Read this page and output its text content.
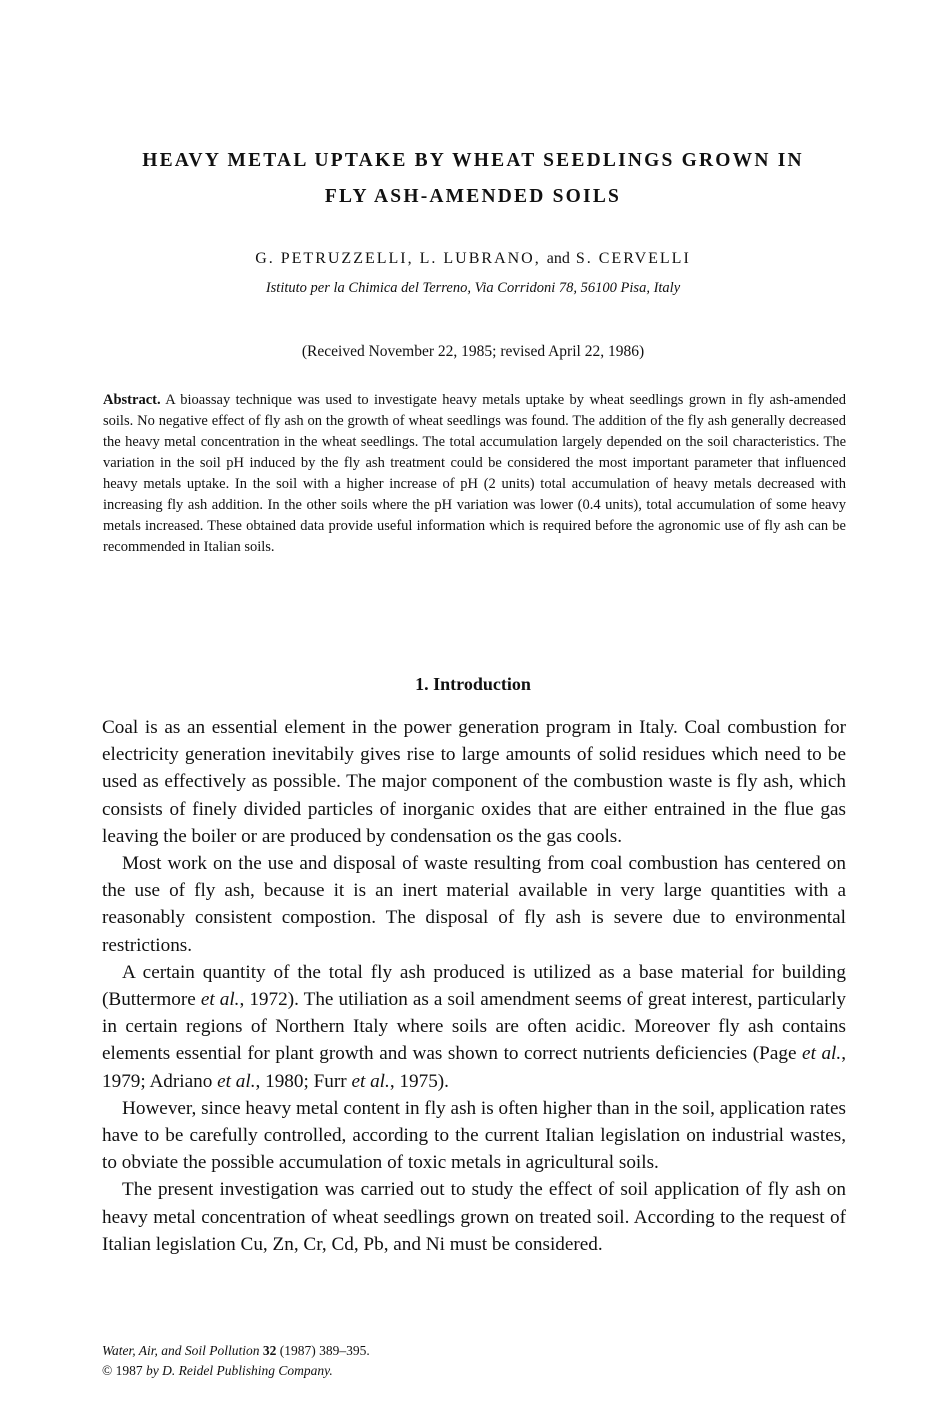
HEAVY METAL UPTAKE BY WHEAT SEEDLINGS GROWN IN
FLY ASH-AMENDED SOILS
G. PETRUZZELLI, L. LUBRANO, and S. CERVELLI
Istituto per la Chimica del Terreno, Via Corridoni 78, 56100 Pisa, Italy
(Received November 22, 1985; revised April 22, 1986)

Abstract. A bioassay technique was used to investigate heavy metals uptake by wheat seedlings grown in fly ash-amended soils. No negative effect of fly ash on the growth of wheat seedlings was found. The addition of the fly ash generally decreased the heavy metal concentration in the wheat seedlings. The total accumulation largely depended on the soil characteristics. The variation in the soil pH induced by the fly ash treatment could be considered the most important parameter that influenced heavy metals uptake. In the soil with a higher increase of pH (2 units) total accumulation of heavy metals decreased with increasing fly ash addition. In the other soils where the pH variation was lower (0.4 units), total accumulation of some heavy metals increased. These obtained data provide useful information which is required before the agronomic use of fly ash can be recommended in Italian soils.

1. Introduction

Coal is as an essential element in the power generation program in Italy. Coal combustion for electricity generation inevitabily gives rise to large amounts of solid residues which need to be used as effectively as possible. The major component of the combustion waste is fly ash, which consists of finely divided particles of inorganic oxides that are either entrained in the flue gas leaving the boiler or are produced by condensation os the gas cools.

Most work on the use and disposal of waste resulting from coal combustion has centered on the use of fly ash, because it is an inert material available in very large quantities with a reasonably consistent compostion. The disposal of fly ash is severe due to environmental restrictions.

A certain quantity of the total fly ash produced is utilized as a base material for building (Buttermore et al., 1972). The utiliation as a soil amendment seems of great interest, particularly in certain regions of Northern Italy where soils are often acidic. Moreover fly ash contains elements essential for plant growth and was shown to correct nutrients deficiencies (Page et al., 1979; Adriano et al., 1980; Furr et al., 1975).

However, since heavy metal content in fly ash is often higher than in the soil, application rates have to be carefully controlled, according to the current Italian legislation on industrial wastes, to obviate the possible accumulation of toxic metals in agricultural soils.

The present investigation was carried out to study the effect of soil application of fly ash on heavy metal concentration of wheat seedlings grown on treated soil. According to the request of Italian legislation Cu, Zn, Cr, Cd, Pb, and Ni must be considered.

Water, Air, and Soil Pollution 32 (1987) 389–395.
© 1987 by D. Reidel Publishing Company.
